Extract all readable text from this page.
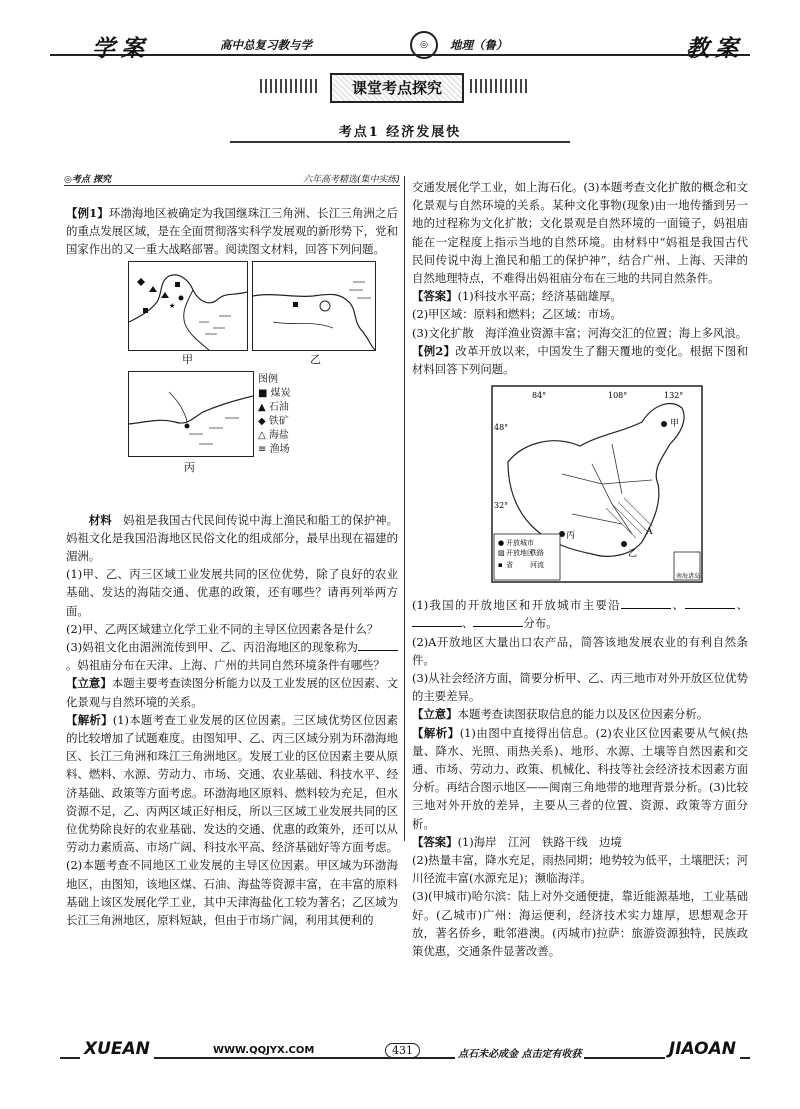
学案	高中总复习教与学	◎	地理（鲁）	教案
课堂考点探究
考点1 经济发展快
◎考点 探究	六年高考精选(集中实练)

【例1】环渤海地区被确定为我国继珠江三角洲、长江三角洲之后的重点发展区域，是在全面贯彻落实科学发展观的新形势下，党和国家作出的又一重大战略部署。阅读图文材料，回答下列问题。

★
甲	乙
丙
图例
■ 煤炭
▲ 石油
◆ 铁矿
△ 海盐
≡ 渔场

材料　 妈祖是我国古代民间传说中海上渔民和船工的保护神。妈祖文化是我国沿海地区民俗文化的组成部分，最早出现在福建的湄洲。

(1)甲、乙、丙三区域工业发展共同的区位优势，除了良好的农业基础、发达的海陆交通、优惠的政策，还有哪些？请再列举两方面。

(2)甲、乙两区域建立化学工业不同的主导区位因素各是什么？

(3)妈祖文化由湄洲流传到甲、乙、丙沿海地区的现象称为。妈祖庙分布在天津、上海、广州的共同自然环境条件有哪些？

【立意】本题主要考查读图分析能力以及工业发展的区位因素、文化景观与自然环境的关系。

【解析】(1)本题考查工业发展的区位因素。三区域优势区位因素的比较增加了试题难度。由图知甲、乙、丙三区域分别为环渤海地区、长江三角洲和珠江三角洲地区。发展工业的区位因素主要从原料、燃料、水源、劳动力、市场、交通、农业基础、科技水平、经济基础、政策等方面考虑。环渤海地区原料、燃料较为充足，但水资源不足，乙、丙两区域正好相反，所以三区域工业发展共同的区位优势除良好的农业基础、发达的交通、优惠的政策外，还可以从劳动力素质高、市场广阔、科技水平高、经济基础好等方面考虑。(2)本题考查不同地区工业发展的主导区位因素。甲区域为环渤海地区，由图知，该地区煤、石油、海盐等资源丰富，在丰富的原料基础上该区发展化学工业，其中天津海盐化工较为著名；乙区域为长江三角洲地区，原料短缺，但由于市场广阔，利用其便利的

交通发展化学工业，如上海石化。(3)本题考查文化扩散的概念和文化景观与自然环境的关系。某种文化事物(现象)由一地传播到另一地的过程称为文化扩散；文化景观是自然环境的一面镜子，妈祖庙能在一定程度上指示当地的自然环境。由材料中“妈祖是我国古代民间传说中海上渔民和船工的保护神”，结合广州、上海、天津的自然地理特点，不难得出妈祖庙分布在三地的共同自然条件。

【答案】(1)科技水平高；经济基础雄厚。

(2)甲区域：原料和燃料；乙区域：市场。

(3)文化扩散　海洋渔业资源丰富；河海交汇的位置；海上多风浪。

【例2】改革开放以来，中国发生了翻天覆地的变化。根据下图和材料回答下列问题。

84°	108°	132°
48°
32°
甲
乙
丙	A
● 开放城市
▨ 开放地区
铁路
▪ 省 河流
南海诸岛

(1)我国的开放地区和开放城市主要沿	、	、、	分布。

(2)A开放地区大量出口农产品，简答该地发展农业的有利自然条件。

(3)从社会经济方面，简要分析甲、乙、丙三地市对外开放区位优势的主要差异。

【立意】本题考查读图获取信息的能力以及区位因素分析。

【解析】(1)由图中直接得出信息。(2)农业区位因素要从气候(热量、降水、光照、雨热关系)、地形、水源、土壤等自然因素和交通、市场、劳动力、政策、机械化、科技等社会经济技术因素方面分析。再结合图示地区——闽南三角地带的地理背景分析。(3)比较三地对外开放的差异，主要从三者的位置、资源、政策等方面分析。

【答案】(1)海岸　江河　铁路干线　边境

(2)热量丰富，降水充足，雨热同期；地势较为低平，土壤肥沃；河川径流丰富(水源充足)；濒临海洋。

(3)(甲城市)哈尔滨：陆上对外交通便捷，靠近能源基地，工业基础好。(乙城市)广州：海运便利，经济技术实力雄厚，思想观念开放，著名侨乡，毗邻港澳。(丙城市)拉萨：旅游资源独特，民族政策优惠，交通条件显著改善。

XUEAN	WWW.QQJYX.COM	431	点石未必成金 点击定有收获	JIAOAN
